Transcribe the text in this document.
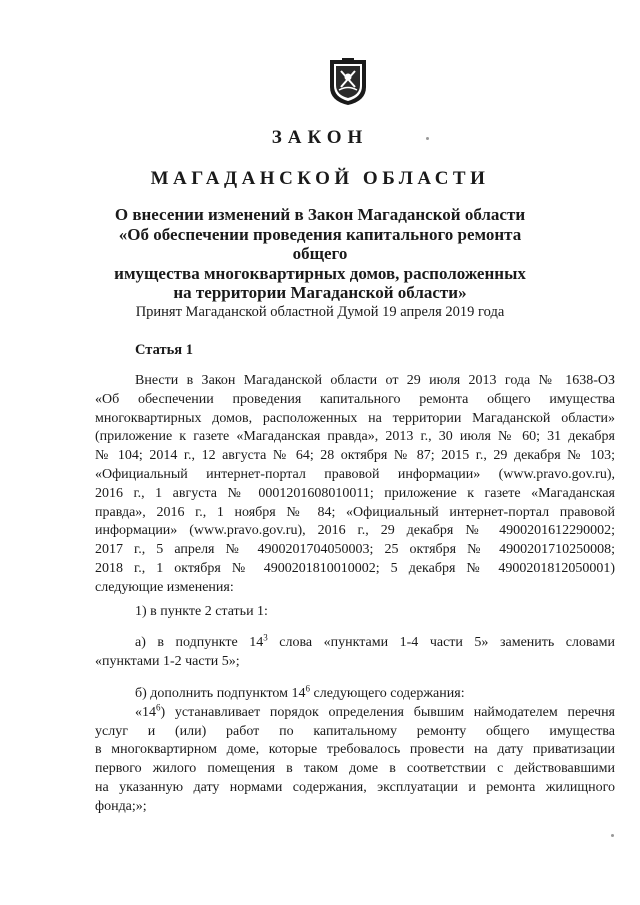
ЗАКОН
МАГАДАНСКОЙ ОБЛАСТИ
О внесении изменений в Закон Магаданской области
«Об обеспечении проведения капитального ремонта общего
имущества многоквартирных домов, расположенных
на территории Магаданской области»

Принят Магаданской областной Думой 19 апреля 2019 года

Статья 1

Внести в Закон Магаданской области от 29 июля 2013 года № 1638-ОЗ
«Об обеспечении проведения капитального ремонта общего имущества
многоквартирных домов, расположенных на территории Магаданской области»
(приложение к газете «Магаданская правда», 2013 г., 30 июля № 60; 31 декабря
№ 104; 2014 г., 12 августа № 64; 28 октября № 87; 2015 г., 29 декабря № 103;
«Официальный интернет-портал правовой информации» (www.pravo.gov.ru),
2016 г., 1 августа № 0001201608010011; приложение к газете «Магаданская
правда», 2016 г., 1 ноября № 84; «Официальный интернет-портал правовой
информации» (www.pravo.gov.ru), 2016 г., 29 декабря № 4900201612290002;
2017 г., 5 апреля № 4900201704050003; 25 октября № 4900201710250008;
2018 г., 1 октября № 4900201810010002; 5 декабря № 4900201812050001)
следующие изменения:
1) в пункте 2 статьи 1:
а) в подпункте $14^3$ слова «пунктами 1-4 части 5» заменить словами
«пунктами 1-2 части 5»;
б) дополнить подпунктом $14^6$ следующего содержания:
«$14^6$) устанавливает порядок определения бывшим наймодателем перечня
услуг и (или) работ по капитальному ремонту общего имущества
в многоквартирном доме, которые требовалось провести на дату приватизации
первого жилого помещения в таком доме в соответствии с действовавшими
на указанную дату нормами содержания, эксплуатации и ремонта жилищного
фонда;»;
